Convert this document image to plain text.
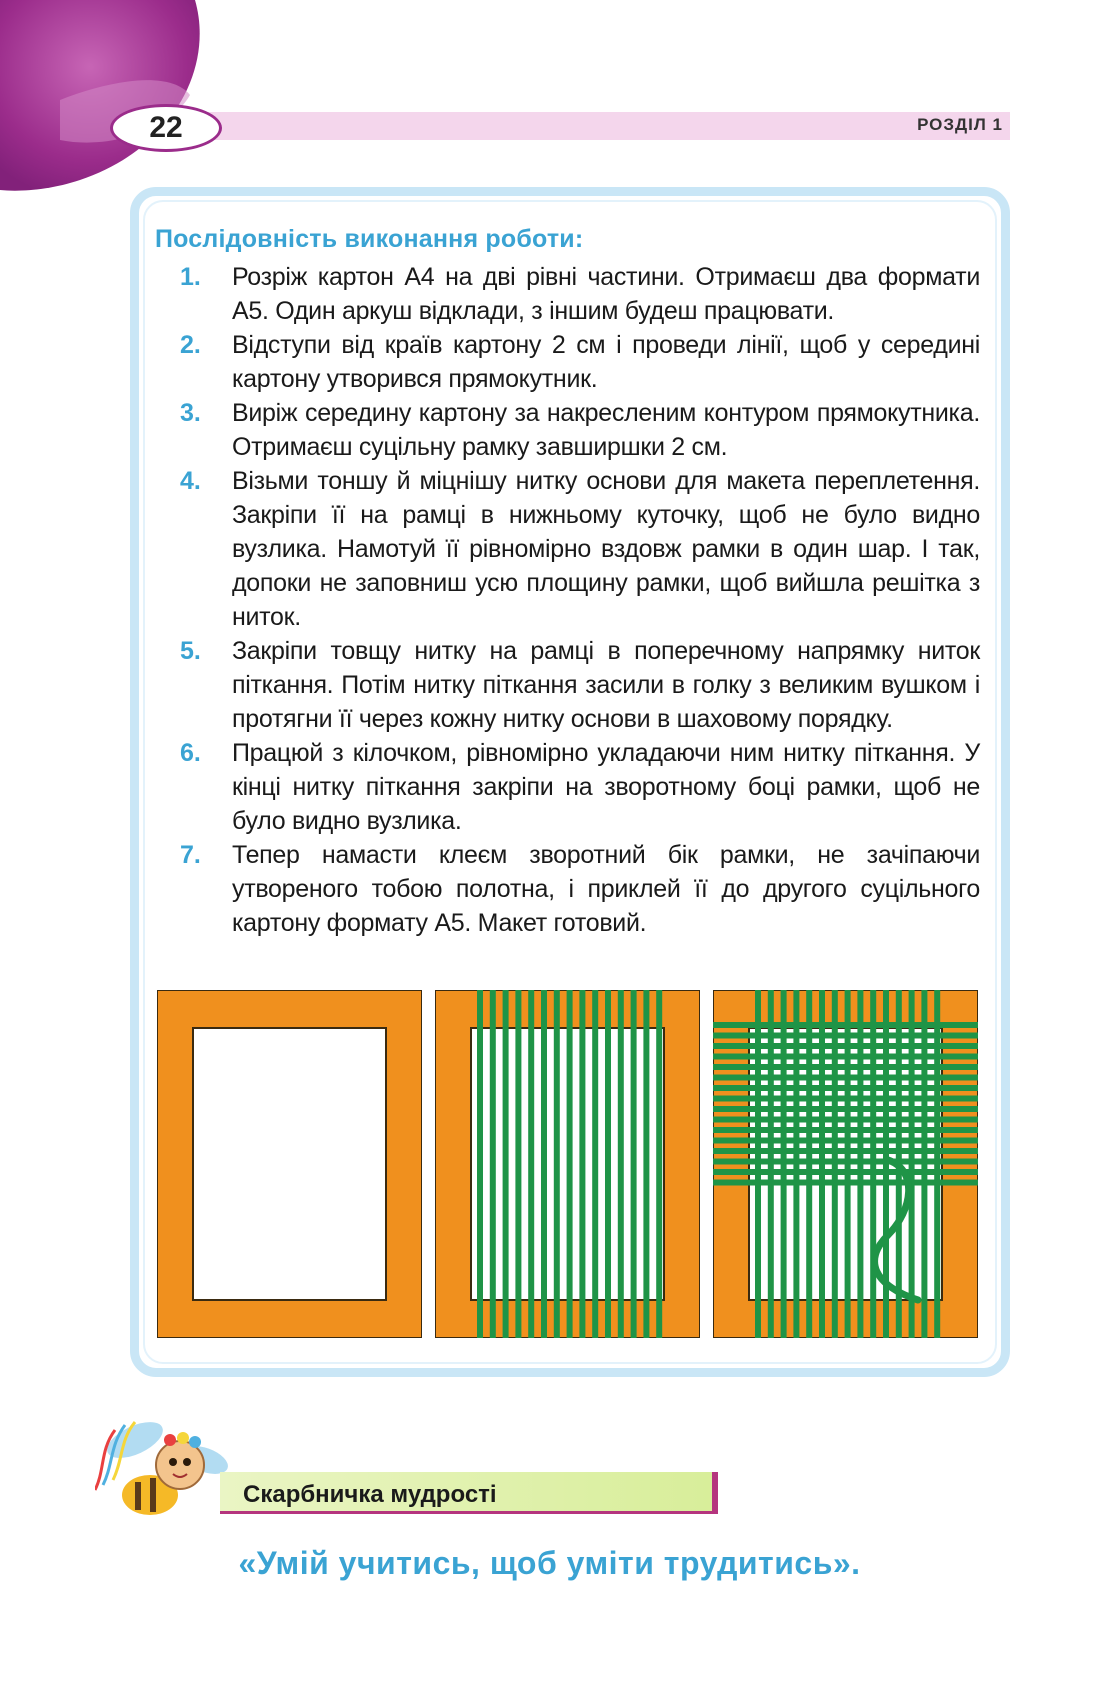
22	РОЗДІЛ 1
Послідовність виконання роботи:
1.	Розріж картон А4 на дві рівні частини. Отримаєш два формати А5. Один аркуш відклади, з іншим будеш працювати.
2.	Відступи від країв картону 2 см і проведи лінії, щоб у середині картону утворився прямокутник.
3.	Виріж середину картону за накресленим контуром прямокутника. Отримаєш суцільну рамку завширшки 2 см.
4.	Візьми тоншу й міцнішу нитку основи для макета переплетення. Закріпи її на рамці в нижньому куточку, щоб не було видно вузлика. Намотуй її рівномірно вздовж рамки в один шар. І так, допоки не заповниш усю площину рамки, щоб вийшла решітка з ниток.
5.	Закріпи товщу нитку на рамці в поперечному напрямку ниток піткання. Потім нитку піткання засили в голку з великим вушком і протягни її через кожну нитку основи в шаховому порядку.
6.	Працюй з кілочком, рівномірно укладаючи ним нитку піткання. У кінці нитку піткання закріпи на зворотному боці рамки, щоб не було видно вузлика.
7.	Тепер намасти клеєм зворотний бік рамки, не зачіпаючи утвореного тобою полотна, і приклей її до другого суцільного картону формату А5. Макет готовий.
Скарбничка мудрості
«Умій учитись, щоб уміти трудитись».
